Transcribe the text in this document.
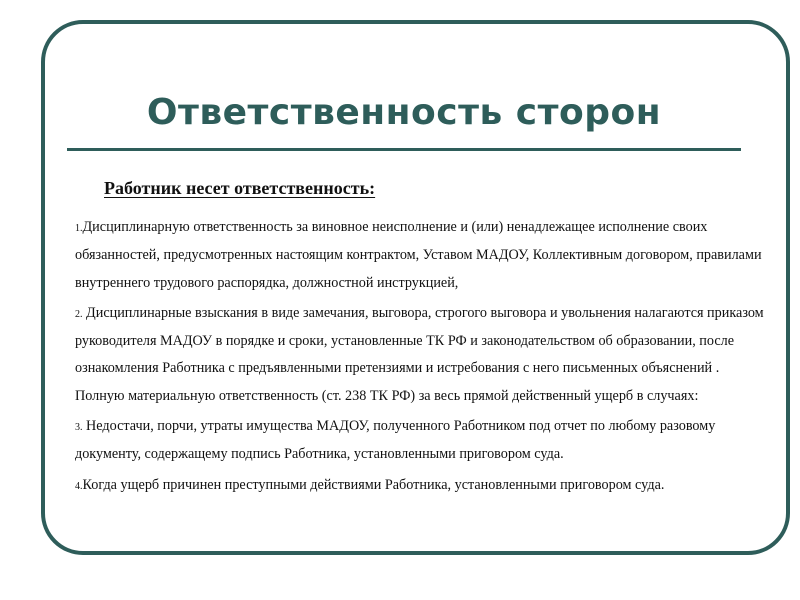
Ответственность сторон
Работник несет ответственность:

1.Дисциплинарную ответственность за виновное неисполнение и (или) ненадлежащее исполнение своих обязанностей, предусмотренных настоящим контрактом, Уставом МАДОУ, Коллективным договором, правилами внутреннего трудового распорядка, должностной инструкцией,

2. Дисциплинарные взыскания в виде замечания, выговора, строгого выговора и увольнения налагаются приказом руководителя МАДОУ в порядке и сроки, установленные ТК РФ и законодательством об образовании, после ознакомления Работника с предъявленными претензиями и истребования с него письменных объяснений . Полную материальную ответственность (ст. 238 ТК РФ) за весь прямой действенный ущерб в случаях:

3. Недостачи, порчи, утраты имущества МАДОУ, полученного Работником под отчет по любому разовому документу, содержащему подпись Работника, установленными приговором суда.

4.Когда ущерб причинен преступными действиями Работника, установленными приговором суда.
